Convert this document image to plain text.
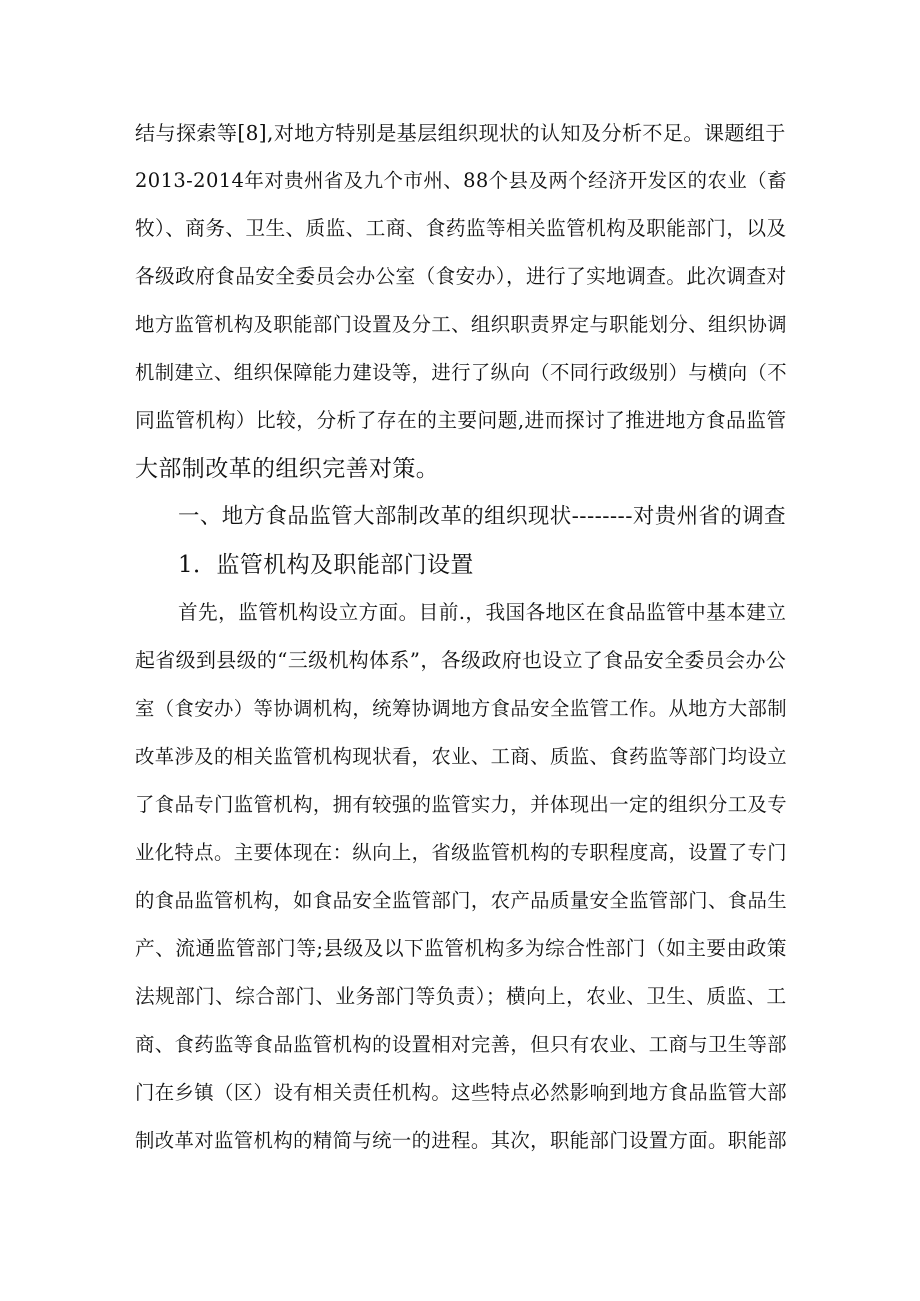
结与探索等[8],对地方特别是基层组织现状的认知及分析不足。课题组于
2013-2014年对贵州省及九个市州、88个县及两个经济开发区的农业（畜
牧）、商务、卫生、质监、工商、食药监等相关监管机构及职能部门，以及
各级政府食品安全委员会办公室（食安办），进行了实地调查。此次调查对
地方监管机构及职能部门设置及分工、组织职责界定与职能划分、组织协调
机制建立、组织保障能力建设等，进行了纵向（不同行政级别）与横向（不
同监管机构）比较，分析了存在的主要问题,进而探讨了推进地方食品监管
大部制改革的组织完善对策。
一、地方食品监管大部制改革的组织现状--------对贵州省的调查
1．监管机构及职能部门设置
首先，监管机构设立方面。目前.，我国各地区在食品监管中基本建立
起省级到县级的“三级机构体系”，各级政府也设立了食品安全委员会办公
室（食安办）等协调机构，统筹协调地方食品安全监管工作。从地方大部制
改革涉及的相关监管机构现状看，农业、工商、质监、食药监等部门均设立
了食品专门监管机构，拥有较强的监管实力，并体现出一定的组织分工及专
业化特点。主要体现在：纵向上，省级监管机构的专职程度高，设置了专门
的食品监管机构，如食品安全监管部门，农产品质量安全监管部门、食品生
产、流通监管部门等;县级及以下监管机构多为综合性部门（如主要由政策
法规部门、综合部门、业务部门等负责）；横向上，农业、卫生、质监、工
商、食药监等食品监管机构的设置相对完善，但只有农业、工商与卫生等部
门在乡镇（区）设有相关责任机构。这些特点必然影响到地方食品监管大部
制改革对监管机构的精简与统一的进程。其次，职能部门设置方面。职能部
